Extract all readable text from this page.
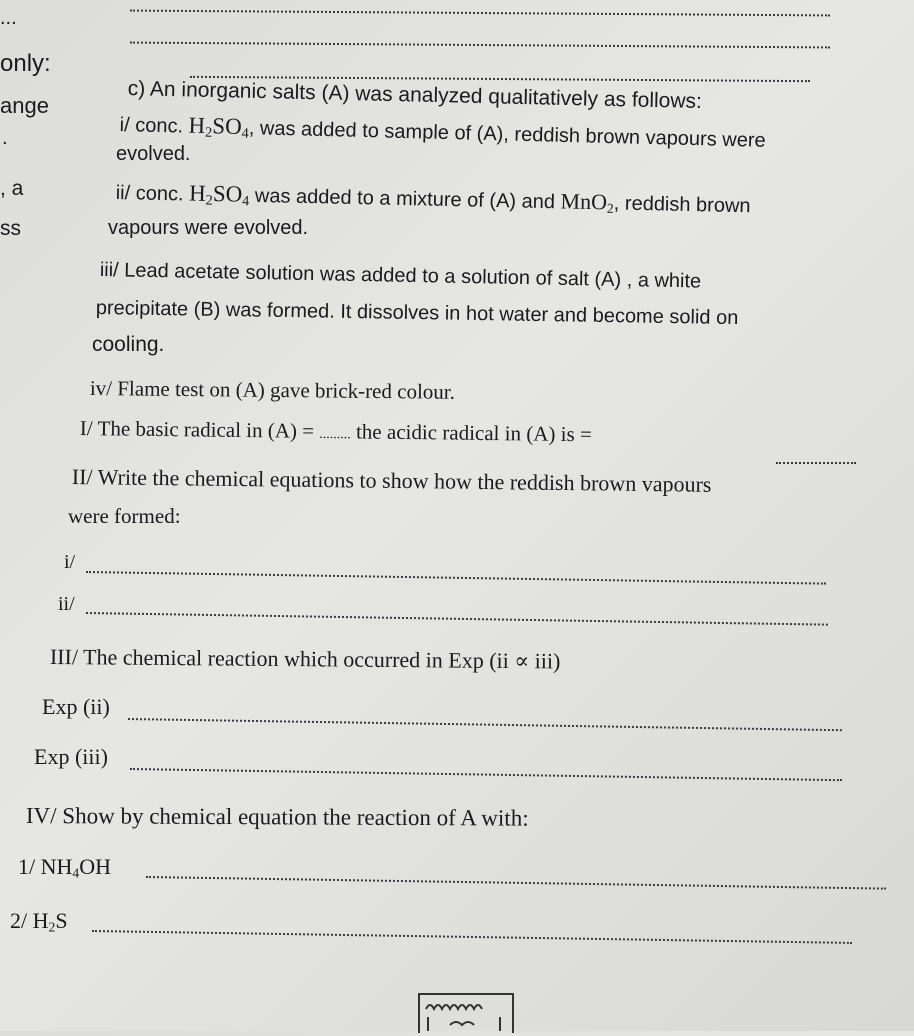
...
only:
ange
.
, a
ss
c) An inorganic salts (A) was analyzed qualitatively as follows:
i/ conc. $H_2SO_4$, was added to sample of (A), reddish brown vapours were
evolved.
ii/ conc. $H_2SO_4$ was added to a mixture of (A) and MnO$_2$, reddish brown
vapours were evolved.
iii/ Lead acetate solution was added to a solution of salt (A) , a white
precipitate (B) was formed. It dissolves in hot water and become solid on
cooling.
iv/ Flame test on (A) gave brick-red colour.
I/ The basic radical in (A) = ......... the acidic radical in (A) is =
II/ Write the chemical equations to show how the reddish brown vapours
were formed:
i/
ii/
III/ The chemical reaction which occurred in Exp (ii ∝ iii)
Exp (ii)
Exp (iii)
IV/ Show by chemical equation the reaction of A with:
1/ $NH_4OH$
2/ $H_2S$
